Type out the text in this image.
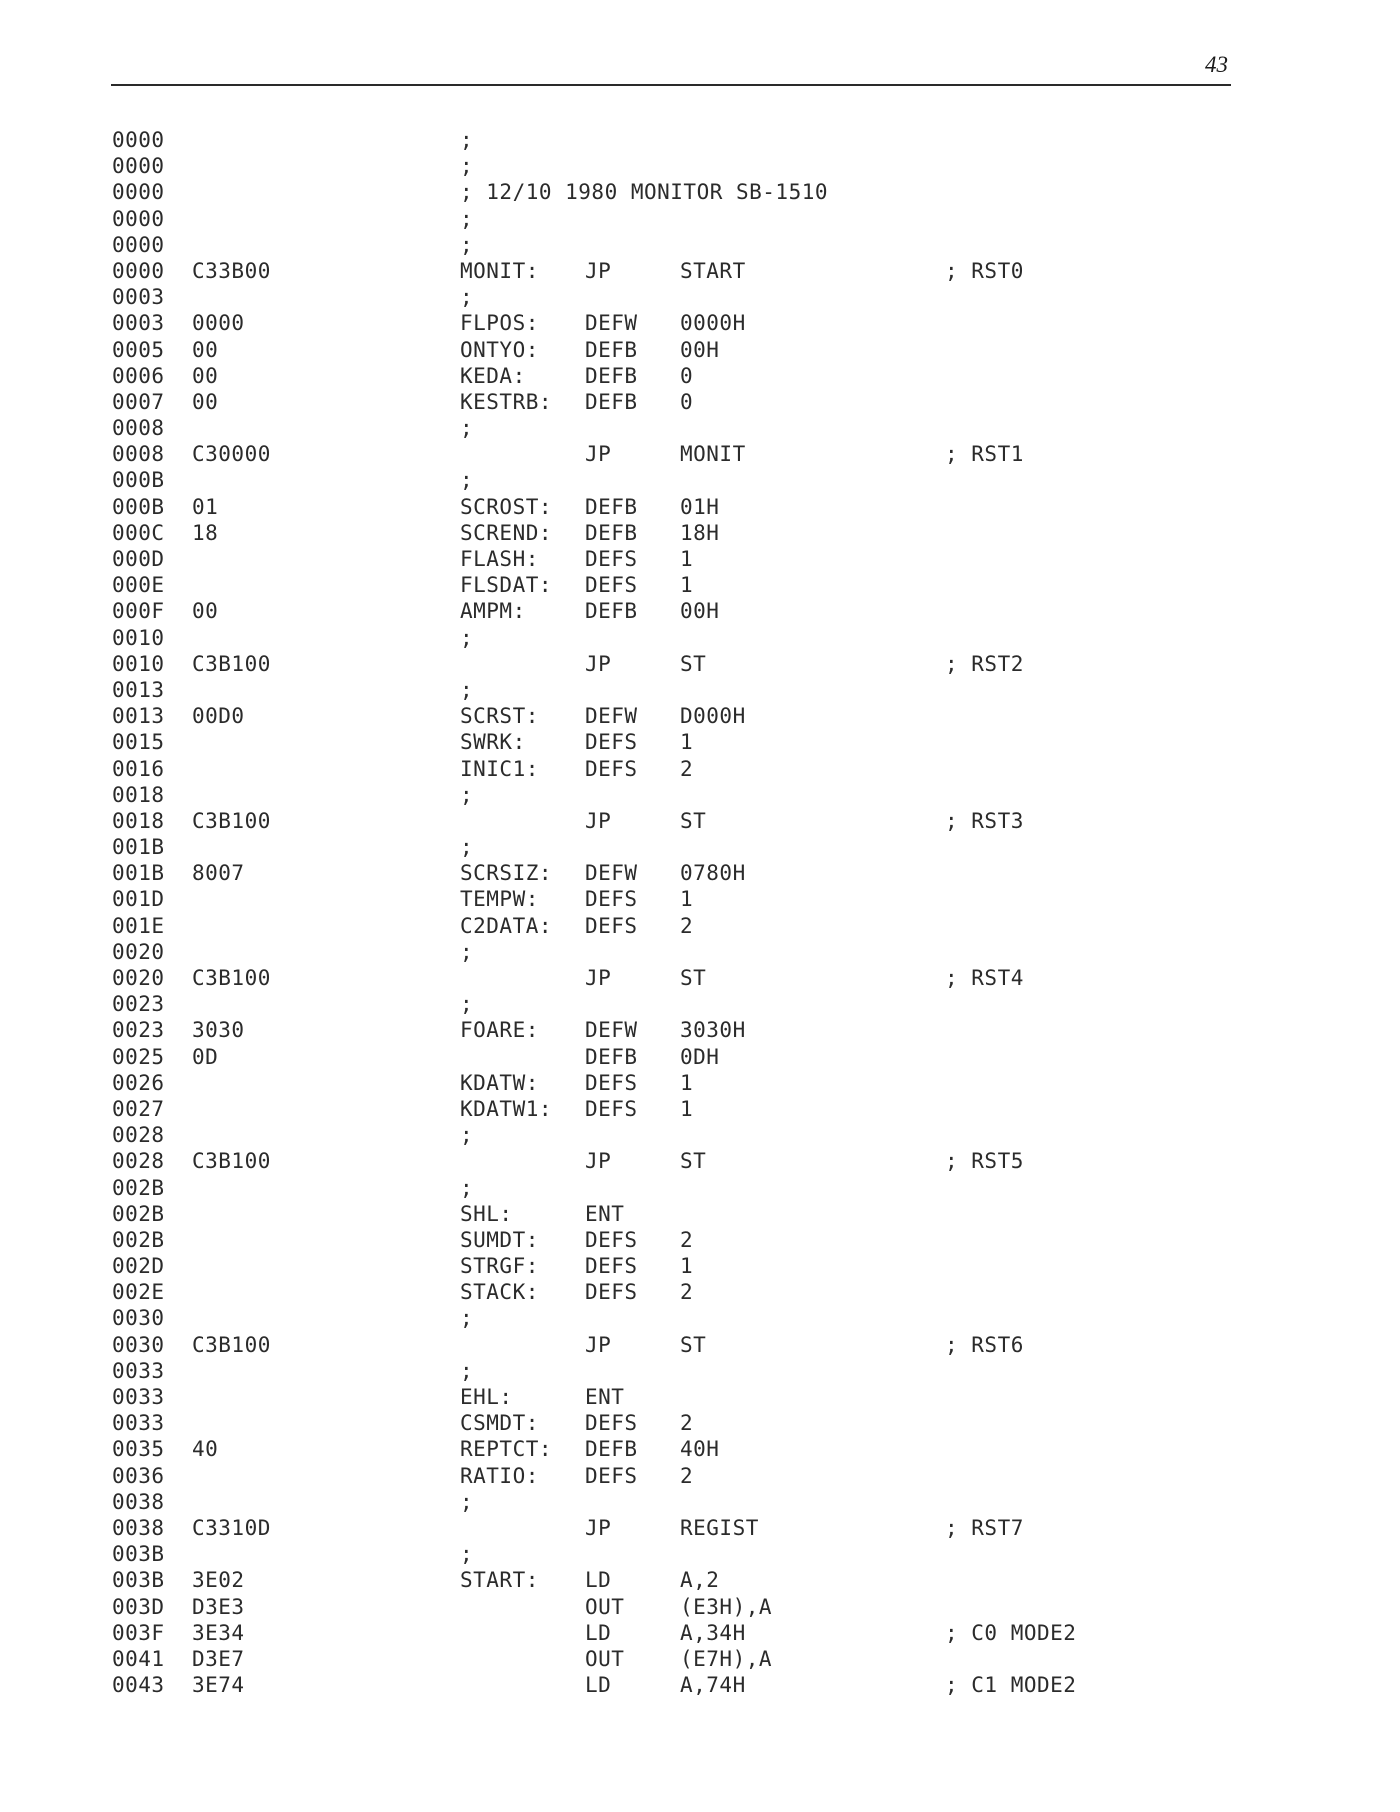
43
0000	;
0000	;
0000	; 12/10 1980 MONITOR SB-1510
0000	;
0000	;
0000 C33B00	MONIT: JP	START	; RST0
0003	;
0003 0000	FLPOS: DEFW 0000H
0005 00	ONTYO: DEFB 00H
0006 00	KEDA:	DEFB 0
0007 00	KESTRB: DEFB 0
0008	;
0008 C30000	JP	MONIT	; RST1
000B	;
000B 01	SCROST: DEFB 01H
000C 18	SCREND: DEFB 18H
000D	FLASH: DEFS 1
000E	FLSDAT: DEFS 1
000F 00	AMPM:	DEFB 00H
0010	;
0010 C3B100	JP	ST	; RST2
0013	;
0013 00D0	SCRST: DEFW D000H
0015	SWRK:	DEFS 1
0016	INIC1: DEFS 2
0018	;
0018 C3B100	JP	ST	; RST3
001B	;
001B 8007	SCRSIZ: DEFW 0780H
001D	TEMPW: DEFS 1
001E	C2DATA: DEFS 2
0020	;
0020 C3B100	JP	ST	; RST4
0023	;
0023 3030	FOARE: DEFW 3030H
0025 0D	DEFB 0DH
0026	KDATW: DEFS 1
0027	KDATW1: DEFS 1
0028	;
0028 C3B100	JP	ST	; RST5
002B	;
002B	SHL:	ENT
002B	SUMDT: DEFS 2
002D	STRGF: DEFS 1
002E	STACK: DEFS 2
0030	;
0030 C3B100	JP	ST	; RST6
0033	;
0033	EHL:	ENT
0033	CSMDT: DEFS 2
0035 40	REPTCT: DEFB 40H
0036	RATIO: DEFS 2
0038	;
0038 C3310D	JP	REGIST	; RST7
003B	;
003B 3E02	START: LD	A,2
003D D3E3	OUT	(E3H),A
003F 3E34	LD	A,34H	; C0 MODE2
0041 D3E7	OUT	(E7H),A
0043 3E74	LD	A,74H	; C1 MODE2
